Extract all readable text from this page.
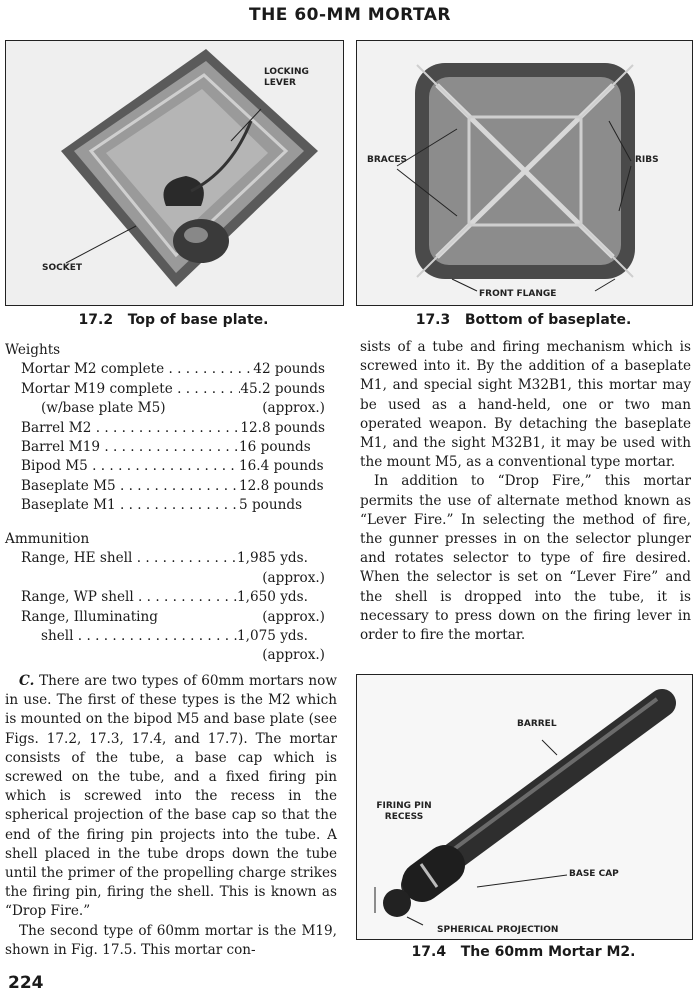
THE 60-MM MORTAR
LOCKING LEVER
SOCKET
BRACES	RIBS
FRONT FLANGE
17.2 Top of base plate.	17.3 Bottom of baseplate.
Weights
Mortar M2 complete . . .	42 pounds
Mortar M19 complete . . .	45.2 pounds
(w/base plate M5)	(approx.)
Barrel M2 . . .	12.8 pounds
Barrel M19 . . .	16 pounds
Bipod M5 . . .	16.4 pounds
Baseplate M5 . . .	12.8 pounds
Baseplate M1 . . .	5 pounds
Ammunition
Range, HE shell . . .	1,985 yds.
(approx.)
Range, WP shell . . .	1,650 yds.
Range, Illuminating	(approx.)
shell . . .	1,075 yds.
(approx.)

C. There are two types of 60mm mortars now in use. The first of these types is the M2 which is mounted on the bipod M5 and base plate (see Figs. 17.2, 17.3, 17.4, and 17.7). The mortar consists of the tube, a base cap which is screwed on the tube, and a fixed firing pin which is screwed into the recess in the spherical projection of the base cap so that the end of the firing pin projects into the tube. A shell placed in the tube drops down the tube until the primer of the propelling charge strikes the firing pin, firing the shell. This is known as “Drop Fire.”

The second type of 60mm mortar is the M19, shown in Fig. 17.5. This mortar con-

sists of a tube and firing mechanism which is screwed into it. By the addition of a baseplate M1, and special sight M32B1, this mortar may be used as a hand-held, one or two man operated weapon. By detaching the baseplate M1, and the sight M32B1, it may be used with the mount M5, as a conventional type mortar.

In addition to “Drop Fire,” this mortar permits the use of alternate method known as “Lever Fire.” In selecting the method of fire, the gunner presses in on the selector plunger and rotates selector to type of fire desired. When the selector is set on “Lever Fire” and the shell is dropped into the tube, it is necessary to press down on the firing lever in order to fire the mortar.

BARREL
FIRING PIN RECESS
BASE CAP
SPHERICAL PROJECTION
17.4 The 60mm Mortar M2.
224
